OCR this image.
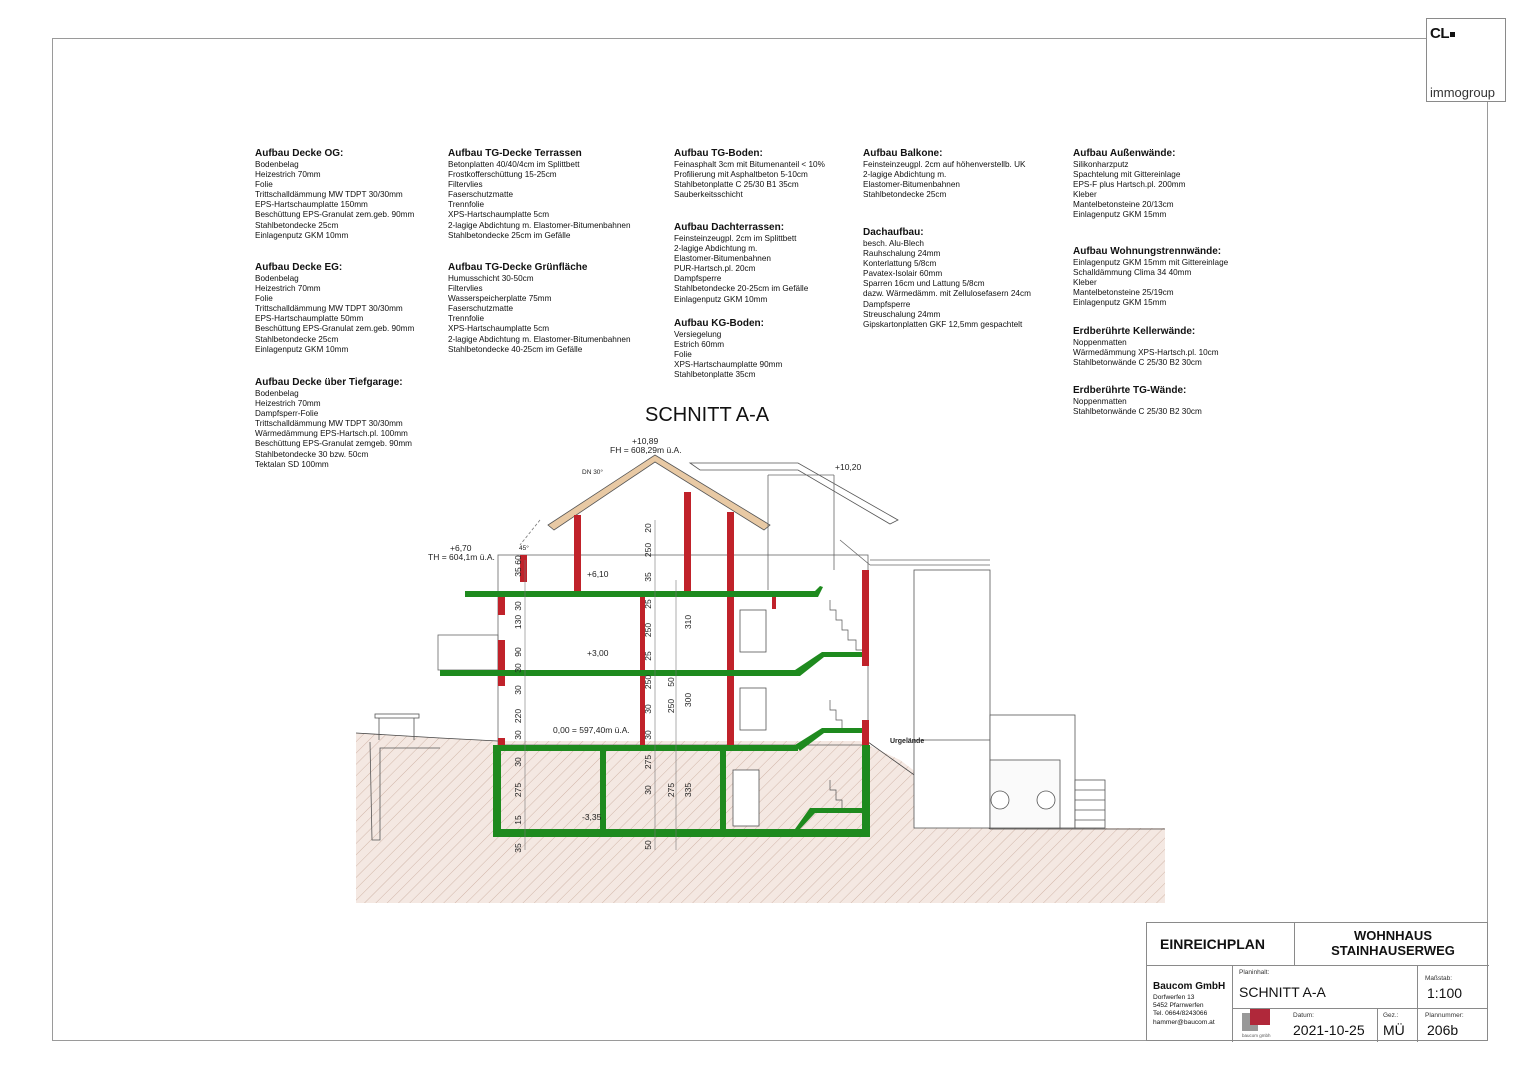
CL
immogroup
Aufbau Decke OG:
Bodenbelag
Heizestrich 70mm
Folie
Trittschalldämmung MW TDPT 30/30mm
EPS-Hartschaumplatte 150mm
Beschüttung EPS-Granulat zem.geb. 90mm
Stahlbetondecke 25cm
Einlagenputz GKM 10mm
Aufbau Decke EG:
Bodenbelag
Heizestrich 70mm
Folie
Trittschalldämmung MW TDPT 30/30mm
EPS-Hartschaumplatte 50mm
Beschüttung EPS-Granulat zem.geb. 90mm
Stahlbetondecke 25cm
Einlagenputz GKM 10mm
Aufbau Decke über Tiefgarage:
Bodenbelag
Heizestrich 70mm
Dampfsperr-Folie
Trittschalldämmung MW TDPT 30/30mm
Wärmedämmung EPS-Hartsch.pl. 100mm
Beschüttung EPS-Granulat zemgeb. 90mm
Stahlbetondecke 30 bzw. 50cm
Tektalan SD 100mm
Aufbau TG-Decke Terrassen
Betonplatten 40/40/4cm im Splittbett
Frostkofferschüttung 15-25cm
Filtervlies
Faserschutzmatte
Trennfolie
XPS-Hartschaumplatte 5cm
2-lagige Abdichtung m. Elastomer-Bitumenbahnen
Stahlbetondecke 25cm im Gefälle
Aufbau TG-Decke Grünfläche
Humusschicht 30-50cm
Filtervlies
Wasserspeicherplatte 75mm
Faserschutzmatte
Trennfolie
XPS-Hartschaumplatte 5cm
2-lagige Abdichtung m. Elastomer-Bitumenbahnen
Stahlbetondecke 40-25cm im Gefälle
Aufbau TG-Boden:
Feinasphalt 3cm mit Bitumenanteil < 10%
Profilierung mit Asphaltbeton 5-10cm
Stahlbetonplatte C 25/30 B1 35cm
Sauberkeitsschicht
Aufbau Dachterrassen:
Feinsteinzeugpl. 2cm im Splittbett
2-lagige Abdichtung m.
Elastomer-Bitumenbahnen
PUR-Hartsch.pl. 20cm
Dampfsperre
Stahlbetondecke 20-25cm im Gefälle
Einlagenputz GKM 10mm
Aufbau KG-Boden:
Versiegelung
Estrich 60mm
Folie
XPS-Hartschaumplatte 90mm
Stahlbetonplatte 35cm
Aufbau Balkone:
Feinsteinzeugpl. 2cm auf höhenverstellb. UK
2-lagige Abdichtung m.
Elastomer-Bitumenbahnen
Stahlbetondecke 25cm
Dachaufbau:
besch. Alu-Blech
Rauhschalung 24mm
Konterlattung 5/8cm
Pavatex-Isolair 60mm
Sparren 16cm und Lattung 5/8cm
dazw. Wärmedämm. mit Zellulosefasern 24cm
Dampfsperre
Streuschalung 24mm
Gipskartonplatten GKF 12,5mm gespachtelt
Aufbau Außenwände:
Silikonharzputz
Spachtelung mit Gittereinlage
EPS-F plus Hartsch.pl. 200mm
Kleber
Mantelbetonsteine 20/13cm
Einlagenputz GKM 15mm
Aufbau Wohnungstrennwände:
Einlagenputz GKM 15mm mit Gittereinlage
Schalldämmung Clima 34 40mm
Kleber
Mantelbetonsteine 25/19cm
Einlagenputz GKM 15mm
Erdberührte Kellerwände:
Noppenmatten
Wärmedämmung XPS-Hartsch.pl. 10cm
Stahlbetonwände C 25/30 B2 30cm
Erdberührte TG-Wände:
Noppenmatten
Stahlbetonwände C 25/30 B2 30cm
SCHNITT A-A
35
60
30
130
90
30
30
220
30
30
275
15
35
20
250
35
25
250
25
250
30
30
275
30
50
310
50
300
250
335
275
+10,89
FH = 608,29m ü.A.
DN 30°
+10,20
+6,70
TH = 604,1m ü.A.
45°
+6,10
+3,00
0,00 = 597,40m ü.A.
-3,35
Urgelände
EINREICHPLAN
WOHNHAUS
STAINHAUSERWEG
Baucom GmbH
Dorfwerfen 13
5452 Pfarrwerfen
Tel. 0664/8243066
hammer@baucom.at
baucom gmbh
Planinhalt:
SCHNITT A-A
Maßstab:
1:100
Datum:
2021-10-25
Gez.:
MÜ
Plannummer:
206b
